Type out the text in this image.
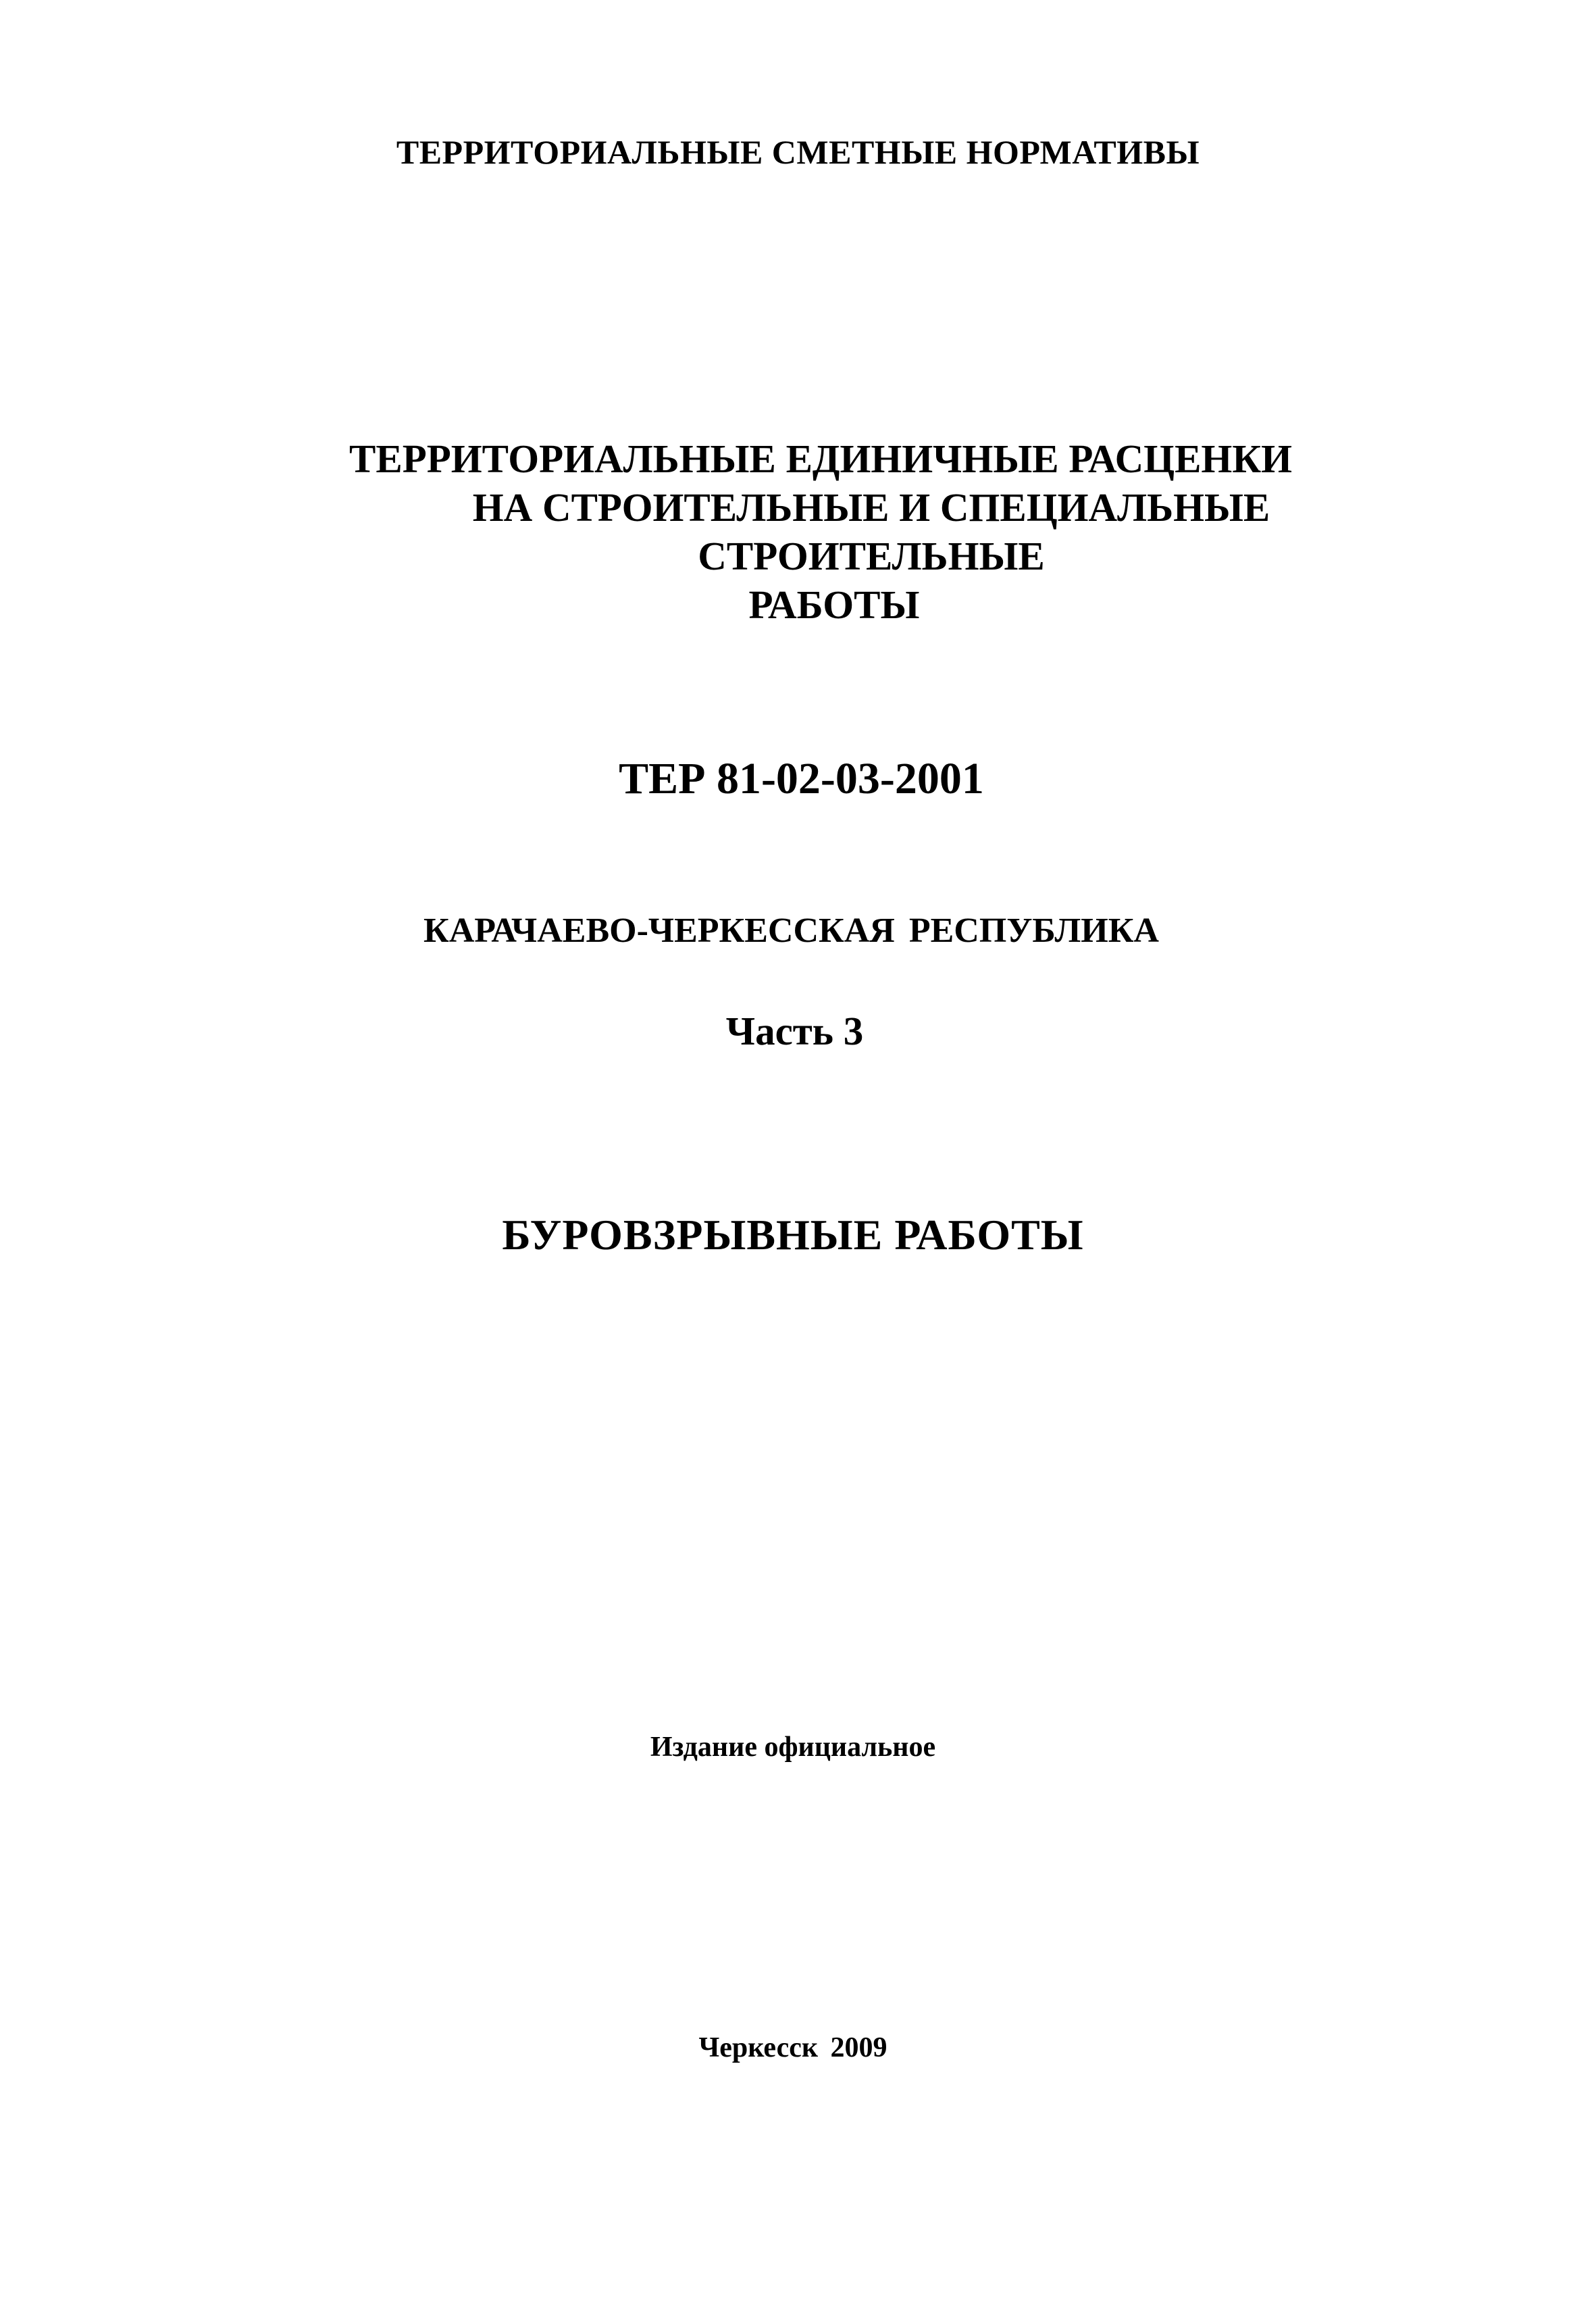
ТЕРРИТОРИАЛЬНЫЕ СМЕТНЫЕ НОРМАТИВЫ
ТЕРРИТОРИАЛЬНЫЕ ЕДИНИЧНЫЕ РАСЦЕНКИ
НА СТРОИТЕЛЬНЫЕ И СПЕЦИАЛЬНЫЕ СТРОИТЕЛЬНЫЕ
РАБОТЫ
ТЕР 81-02-03-2001
КАРАЧАЕВО-ЧЕРКЕССКАЯ РЕСПУБЛИКА
Часть 3
БУРОВЗРЫВНЫЕ РАБОТЫ
Издание официальное
Черкесск 2009
